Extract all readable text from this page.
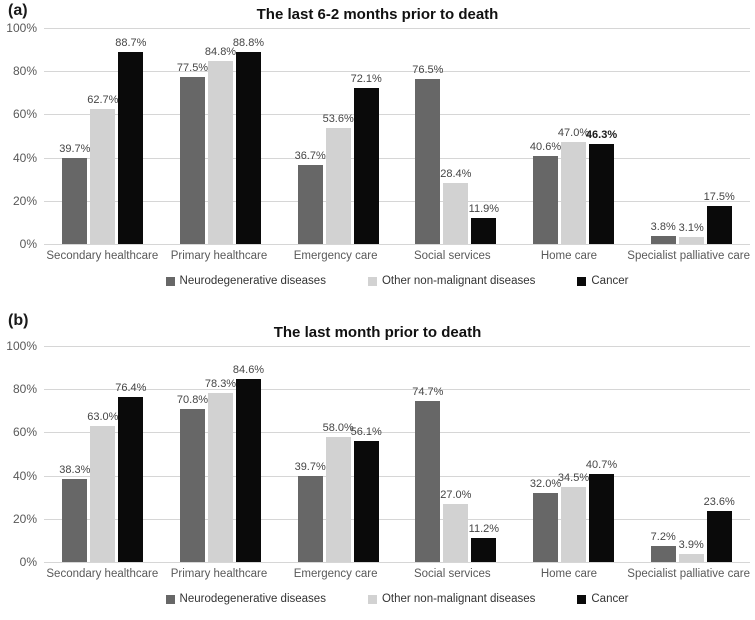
(a)	The last 6-2 months prior to death
100%
80%
60%
40%
20%
0%
39.7%
62.7%
88.7%
77.5%
84.8%
88.8%
36.7%
53.6%
72.1%
76.5%
28.4%
11.9%
40.6%
47.0%
46.3%
3.8% 3.1%
17.5%
Secondary healthcare	Primary healthcare	Emergency care	Social services	Home care	Specialist palliative care
Neurodegenerative diseases	Other non-malignant diseases	Cancer
(b)
The last month prior to death
100%
80%
60%
40%
20%
0%
38.3%
63.0%
76.4%
70.8%
78.3%
84.6%
39.7%
58.0%
56.1%
74.7%
27.0%
11.2%
32.0%
34.5%
40.7%
7.2%
3.9%
23.6%
Secondary healthcare	Primary healthcare	Emergency care	Social services	Home care	Specialist palliative care
Neurodegenerative diseases	Other non-malignant diseases	Cancer
